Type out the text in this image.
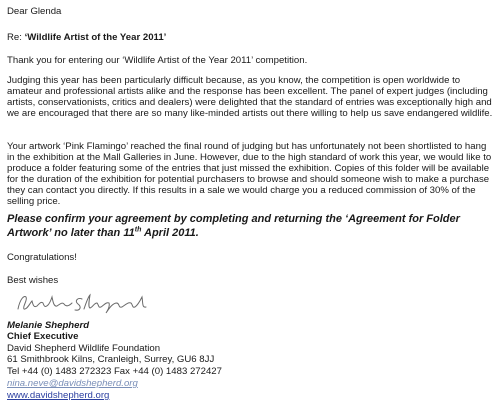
Dear Glenda
Re: ‘Wildlife Artist of the Year 2011’
Thank you for entering our ‘Wildlife Artist of the Year 2011’ competition.
Judging this year has been particularly difficult because, as you know, the competition is open worldwide to amateur and professional artists alike and the response has been excellent. The panel of expert judges (including artists, conservationists, critics and dealers) were delighted that the standard of entries was exceptionally high and we are encouraged that there are so many like-minded artists out there willing to help us save endangered wildlife.
Your artwork ‘Pink Flamingo’ reached the final round of judging but has unfortunately not been shortlisted to hang in the exhibition at the Mall Galleries in June. However, due to the high standard of work this year, we would like to produce a folder featuring some of the entries that just missed the exhibition. Copies of this folder will be available for the duration of the exhibition for potential purchasers to browse and should someone wish to make a purchase they can contact you directly. If this results in a sale we would charge you a reduced commission of 30% of the selling price.
Please confirm your agreement by completing and returning the ‘Agreement for Folder Artwork’ no later than 11th April 2011.
Congratulations!
Best wishes
Melanie Shepherd
Chief Executive
David Shepherd Wildlife Foundation
61 Smithbrook Kilns, Cranleigh, Surrey, GU6 8JJ
Tel +44 (0) 1483 272323 Fax +44 (0) 1483 272427
nina.neve@davidshepherd.org
www.davidshepherd.org
